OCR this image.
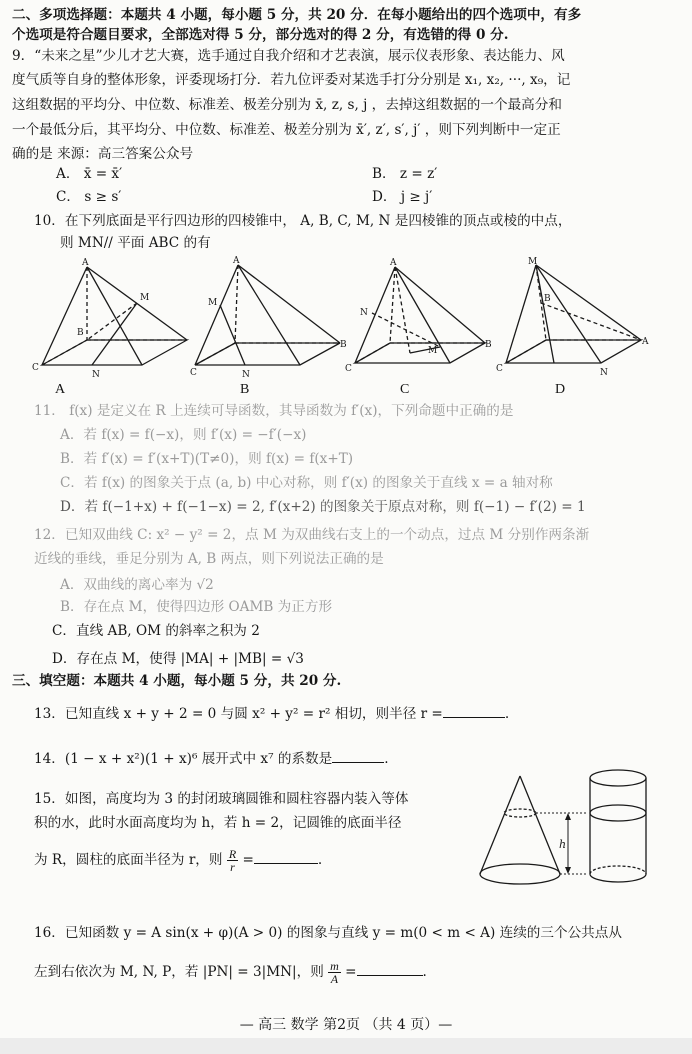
二、多项选择题：本题共 4 小题，每小题 5 分，共 20 分．在每小题给出的四个选项中，有多
个选项是符合题目要求，全部选对得 5 分，部分选对的得 2 分，有选错的得 0 分.
9．“未来之星”少儿才艺大赛，选手通过自我介绍和才艺表演，展示仪表形象、表达能力、风
度气质等自身的整体形象，评委现场打分．若九位评委对某选手打分分别是 x₁, x₂, ···, x₉，记
这组数据的平均分、中位数、标准差、极差分别为 x̄, z, s, j ，去掉这组数据的一个最高分和
一个最低分后，其平均分、中位数、标准差、极差分别为 x̄′, z′, s′, j′ ，则下列判断中一定正
确的是 来源：高三答案公众号
A． x̄ = x̄′	B． z = z′
C． s ≥ s′	D． j ≥ j′
10．在下列底面是平行四边形的四棱锥中， A, B, C, M, N 是四棱锥的顶点或棱的中点，
则 MN// 平面 ABC 的有
A
M
C
N
B
A
A
M
C	N
B
B
A
N
M
C
B
C
M
B
A
C	N
D
11． f(x) 是定义在 R 上连续可导函数，其导函数为 f′(x)，下列命题中正确的是
A．若 f(x) = f(−x)，则 f′(x) = −f′(−x)
B．若 f′(x) = f′(x+T)(T≠0)，则 f(x) = f(x+T)
C．若 f(x) 的图象关于点 (a, b) 中心对称，则 f′(x) 的图象关于直线 x = a 轴对称
D．若 f(−1+x) + f(−1−x) = 2, f′(x+2) 的图象关于原点对称，则 f(−1) − f′(2) = 1
12．已知双曲线 C: x² − y² = 2，点 M 为双曲线右支上的一个动点，过点 M 分别作两条渐
近线的垂线，垂足分别为 A, B 两点，则下列说法正确的是
A．双曲线的离心率为 √2
B．存在点 M，使得四边形 OAMB 为正方形
C．直线 AB, OM 的斜率之积为 2
D．存在点 M，使得 |MA| + |MB| = √3
三、填空题：本题共 4 小题，每小题 5 分，共 20 分.
13．已知直线 x + y + 2 = 0 与圆 x² + y² = r² 相切，则半径 r =	.
14．(1 − x + x²)(1 + x)⁶ 展开式中 x⁷ 的系数是	.
15．如图，高度均为 3 的封闭玻璃圆锥和圆柱容器内装入等体
积的水，此时水面高度均为 h，若 h = 2，记圆锥的底面半径
为 R，圆柱的底面半径为 r，则 $\frac{R}{r}$ =	.
h
16．已知函数 y = A sin(x + φ)(A > 0) 的图象与直线 y = m(0 < m < A) 连续的三个公共点从
左到右依次为 M, N, P，若 |PN| = 3|MN|，则 $\frac{m}{A}$ =	.
— 高三 数学 第2页 （共 4 页）—
